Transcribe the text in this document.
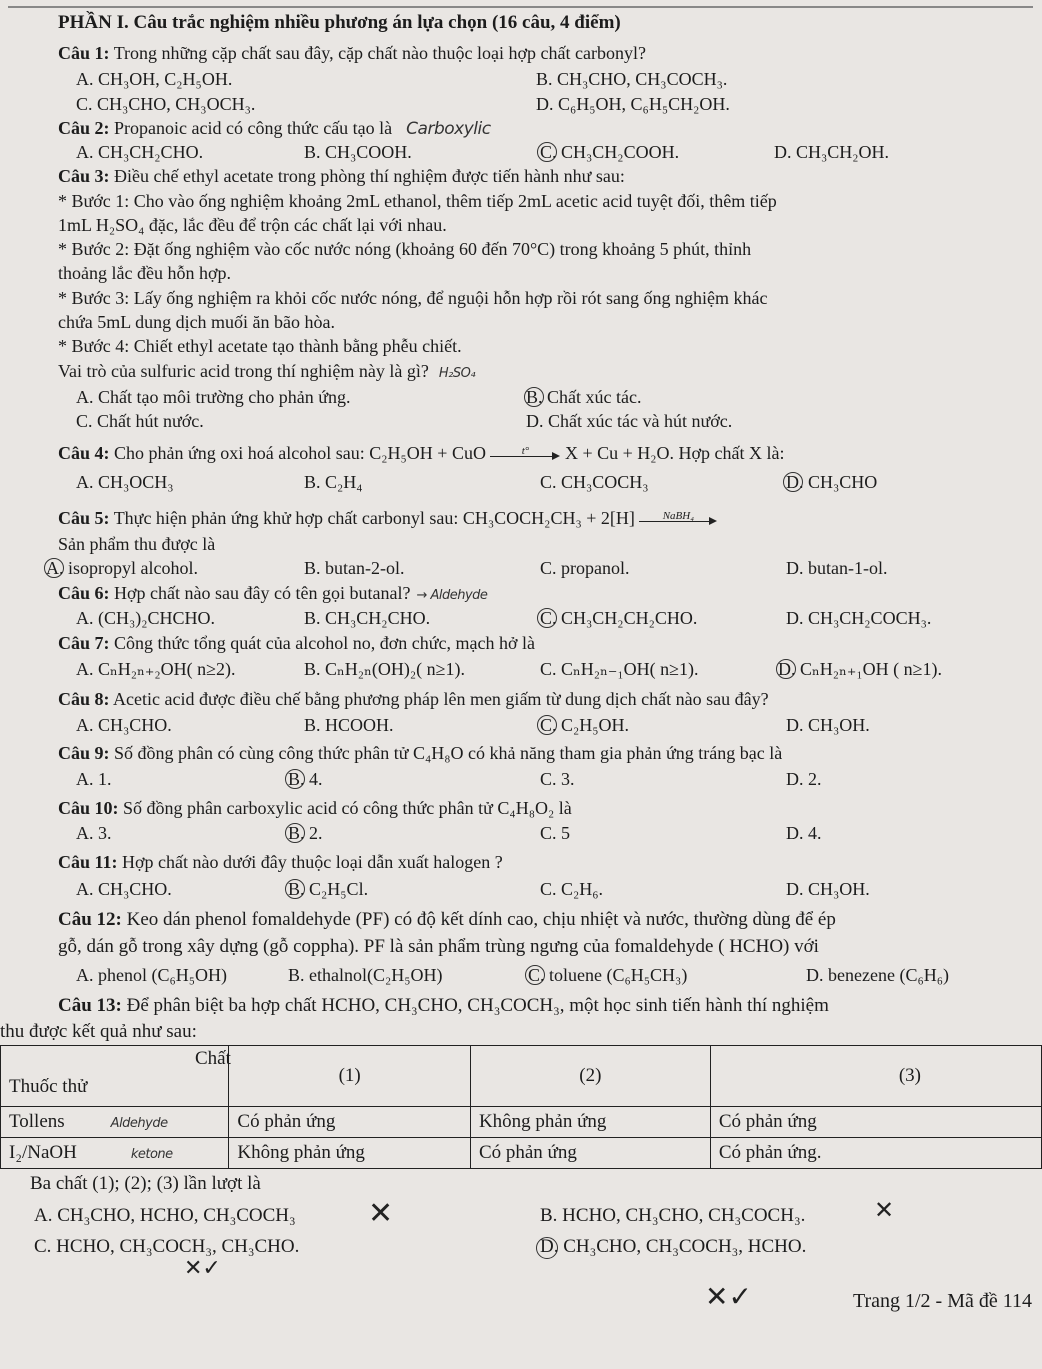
PHẦN I. Câu trắc nghiệm nhiều phương án lựa chọn (16 câu, 4 điểm)
Câu 1: Trong những cặp chất sau đây, cặp chất nào thuộc loại hợp chất carbonyl?
A. CH₃OH, C₂H₅OH.	B. CH₃CHO, CH₃COCH₃.
C. CH₃CHO, CH₃OCH₃.	D. C₆H₅OH, C₆H₅CH₂OH.
Câu 2: Propanoic acid có công thức cấu tạo là Carboxylic
A. CH₃CH₂CHO.	B. CH₃COOH.	C. CH₃CH₂COOH.	D. CH₃CH₂OH.
Câu 3: Điều chế ethyl acetate trong phòng thí nghiệm được tiến hành như sau:
* Bước 1: Cho vào ống nghiệm khoảng 2mL ethanol, thêm tiếp 2mL acetic acid tuyệt đối, thêm tiếp
1mL H₂SO₄ đặc, lắc đều để trộn các chất lại với nhau.
* Bước 2: Đặt ống nghiệm vào cốc nước nóng (khoảng 60 đến 70°C) trong khoảng 5 phút, thỉnh
thoảng lắc đều hỗn hợp.
* Bước 3: Lấy ống nghiệm ra khỏi cốc nước nóng, để nguội hỗn hợp rồi rót sang ống nghiệm khác
chứa 5mL dung dịch muối ăn bão hòa.
* Bước 4: Chiết ethyl acetate tạo thành bằng phễu chiết.
Vai trò của sulfuric acid trong thí nghiệm này là gì? H₂SO₄
A. Chất tạo môi trường cho phản ứng.	B. Chất xúc tác.
C. Chất hút nước.	D. Chất xúc tác và hút nước.
Câu 4: Cho phản ứng oxi hoá alcohol sau: C₂H₅OH + CuO	t°	X + Cu + H₂O. Hợp chất X là:
A. CH₃OCH₃	B. C₂H₄	C. CH₃COCH₃	D. CH₃CHO
Câu 5: Thực hiện phản ứng khử hợp chất carbonyl sau: CH₃COCH₂CH₃ + 2[H]	NaBH₄
Sản phẩm thu được là
A. isopropyl alcohol.	B. butan-2-ol.	C. propanol.	D. butan-1-ol.
Câu 6: Hợp chất nào sau đây có tên gọi butanal? → Aldehyde
A. (CH₃)₂CHCHO.	B. CH₃CH₂CHO.	C. CH₃CH₂CH₂CHO.	D. CH₃CH₂COCH₃.
Câu 7: Công thức tổng quát của alcohol no, đơn chức, mạch hở là
A. CₙH₂ₙ₊₂OH( n≥2).	B. CₙH₂ₙ(OH)₂( n≥1).	C. CₙH₂ₙ₋₁OH( n≥1).	D. CₙH₂ₙ₊₁OH ( n≥1).
Câu 8: Acetic acid được điều chế bằng phương pháp lên men giấm từ dung dịch chất nào sau đây?
A. CH₃CHO.	B. HCOOH.	C. C₂H₅OH.	D. CH₃OH.
Câu 9: Số đồng phân có cùng công thức phân tử C₄H₈O có khả năng tham gia phản ứng tráng bạc là
A. 1.	B. 4.	C. 3.	D. 2.
Câu 10: Số đồng phân carboxylic acid có công thức phân tử C₄H₈O₂ là
A. 3.	B. 2.	C. 5	D. 4.
Câu 11: Hợp chất nào dưới đây thuộc loại dẫn xuất halogen ?
A. CH₃CHO.	B. C₂H₅Cl.	C. C₂H₆.	D. CH₃OH.
Câu 12: Keo dán phenol fomaldehyde (PF) có độ kết dính cao, chịu nhiệt và nước, thường dùng để ép
gỗ, dán gỗ trong xây dựng (gỗ coppha). PF là sản phẩm trùng ngưng của fomaldehyde ( HCHO) với
A. phenol (C₆H₅OH)	B. ethalnol(C₂H₅OH)	C. toluene (C₆H₅CH₃)	D. benezene (C₆H₆)
Câu 13: Để phân biệt ba hợp chất HCHO, CH₃CHO, CH₃COCH₃, một học sinh tiến hành thí nghiệm
thu được kết quả như sau:
Chất
Thuốc thử	(1)	(2)	(3)
Tollens Aldehyde	Có phản ứng	Không phản ứng	Có phản ứng
I₂/NaOH ketone	Không phản ứng	Có phản ứng	Có phản ứng.
Ba chất (1); (2); (3) lần lượt là
A. CH₃CHO, HCHO, CH₃COCH₃ ✕	B. HCHO, CH₃CHO, CH₃COCH₃.	✕
C. HCHO, CH₃COCH₃, CH₃CHO.	D. CH₃CHO, CH₃COCH₃, HCHO.
✕✓
✕✓	Trang 1/2 - Mã đề 114
